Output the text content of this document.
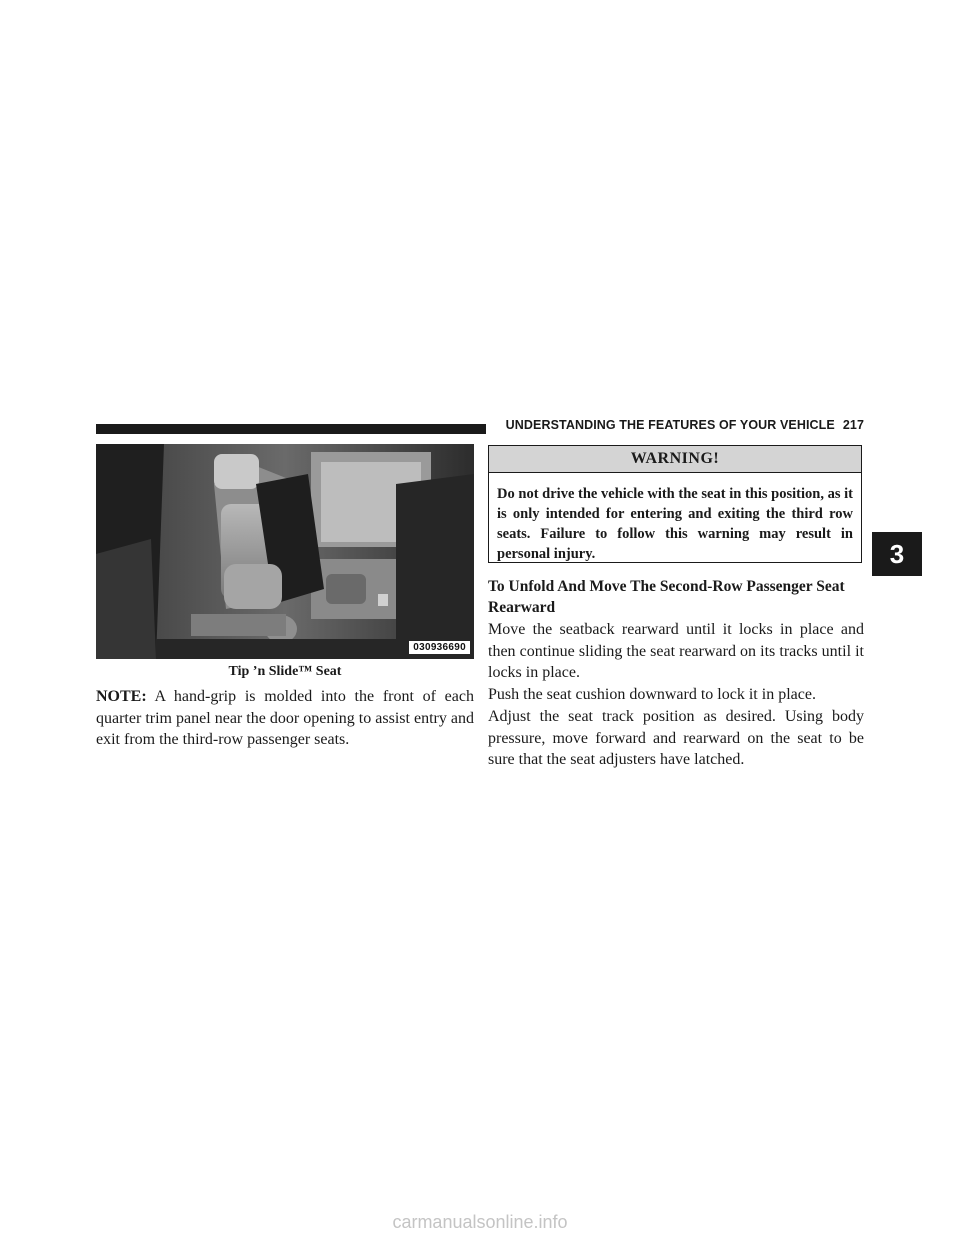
UNDERSTANDING THE FEATURES OF YOUR VEHICLE 217
030936690
Tip ’n Slide™ Seat
NOTE: A hand-grip is molded into the front of each quarter trim panel near the door opening to assist entry and exit from the third-row passenger seats.
WARNING!
Do not drive the vehicle with the seat in this position, as it is only intended for entering and exiting the third row seats. Failure to follow this warning may result in personal injury.
To Unfold And Move The Second-Row Passenger Seat Rearward
Move the seatback rearward until it locks in place and then continue sliding the seat rearward on its tracks until it locks in place.
Push the seat cushion downward to lock it in place.
Adjust the seat track position as desired. Using body pressure, move forward and rearward on the seat to be sure that the seat adjusters have latched.
3
carmanualsonline.info
